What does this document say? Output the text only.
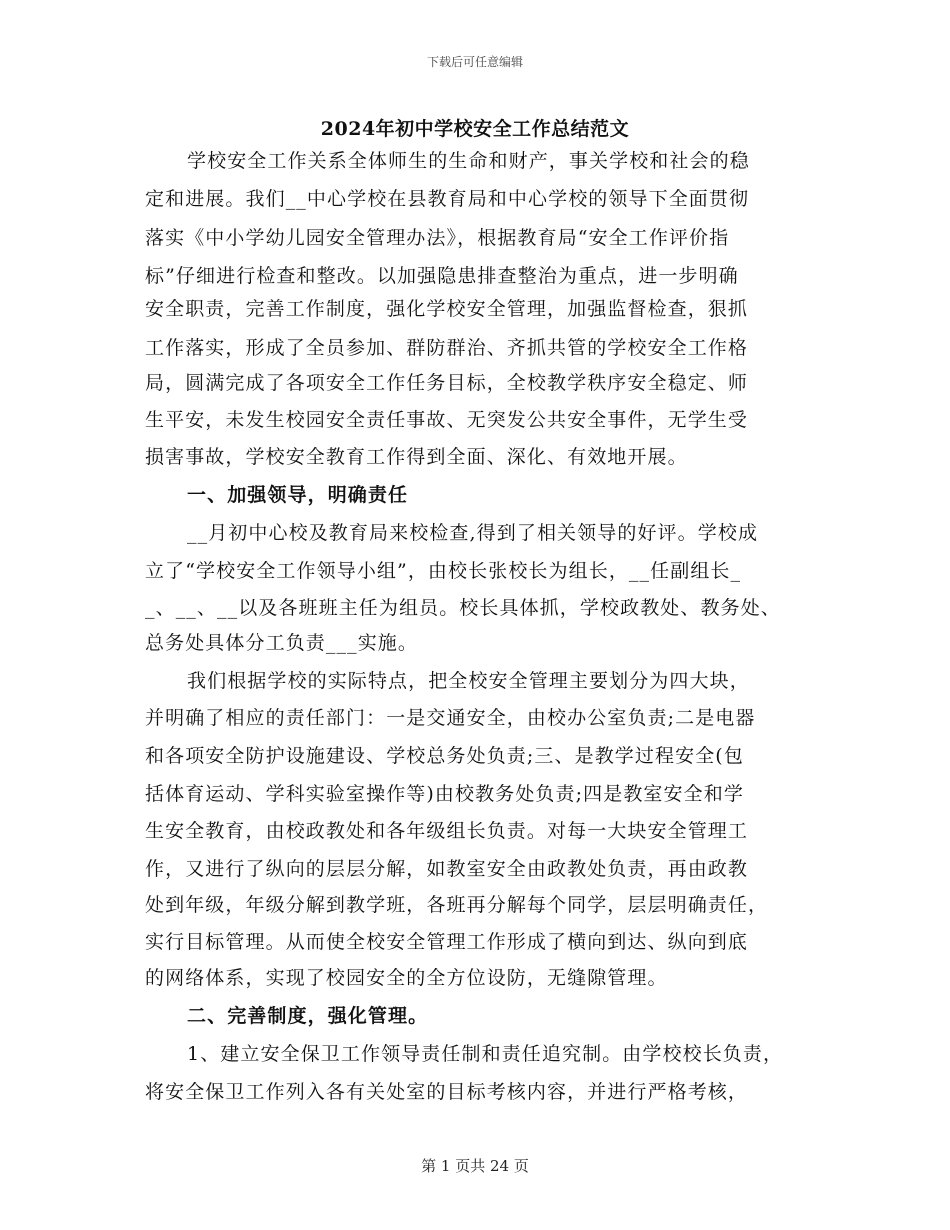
下载后可任意编辑
2024年初中学校安全工作总结范文
学校安全工作关系全体师生的生命和财产，事关学校和社会的稳
定和进展。我们__中心学校在县教育局和中心学校的领导下全面贯彻
落实《中小学幼儿园安全管理办法》，根据教育局“安全工作评价指
标”仔细进行检查和整改。以加强隐患排查整治为重点，进一步明确
安全职责，完善工作制度，强化学校安全管理，加强监督检查，狠抓
工作落实，形成了全员参加、群防群治、齐抓共管的学校安全工作格
局，圆满完成了各项安全工作任务目标，全校教学秩序安全稳定、师
生平安，未发生校园安全责任事故、无突发公共安全事件，无学生受
损害事故，学校安全教育工作得到全面、深化、有效地开展。
一、加强领导，明确责任
__月初中心校及教育局来校检查,得到了相关领导的好评。学校成
立了“学校安全工作领导小组”，由校长张校长为组长，__任副组长_
_、__、__以及各班班主任为组员。校长具体抓，学校政教处、教务处、
总务处具体分工负责___实施。
我们根据学校的实际特点，把全校安全管理主要划分为四大块，
并明确了相应的责任部门：一是交通安全，由校办公室负责;二是电器
和各项安全防护设施建设、学校总务处负责;三、是教学过程安全(包
括体育运动、学科实验室操作等)由校教务处负责;四是教室安全和学
生安全教育，由校政教处和各年级组长负责。对每一大块安全管理工
作，又进行了纵向的层层分解，如教室安全由政教处负责，再由政教
处到年级，年级分解到教学班，各班再分解每个同学，层层明确责任，
实行目标管理。从而使全校安全管理工作形成了横向到达、纵向到底
的网络体系，实现了校园安全的全方位设防，无缝隙管理。
二、完善制度，强化管理。
1、建立安全保卫工作领导责任制和责任追究制。由学校校长负责，
将安全保卫工作列入各有关处室的目标考核内容，并进行严格考核，
第 1 页共 24 页
